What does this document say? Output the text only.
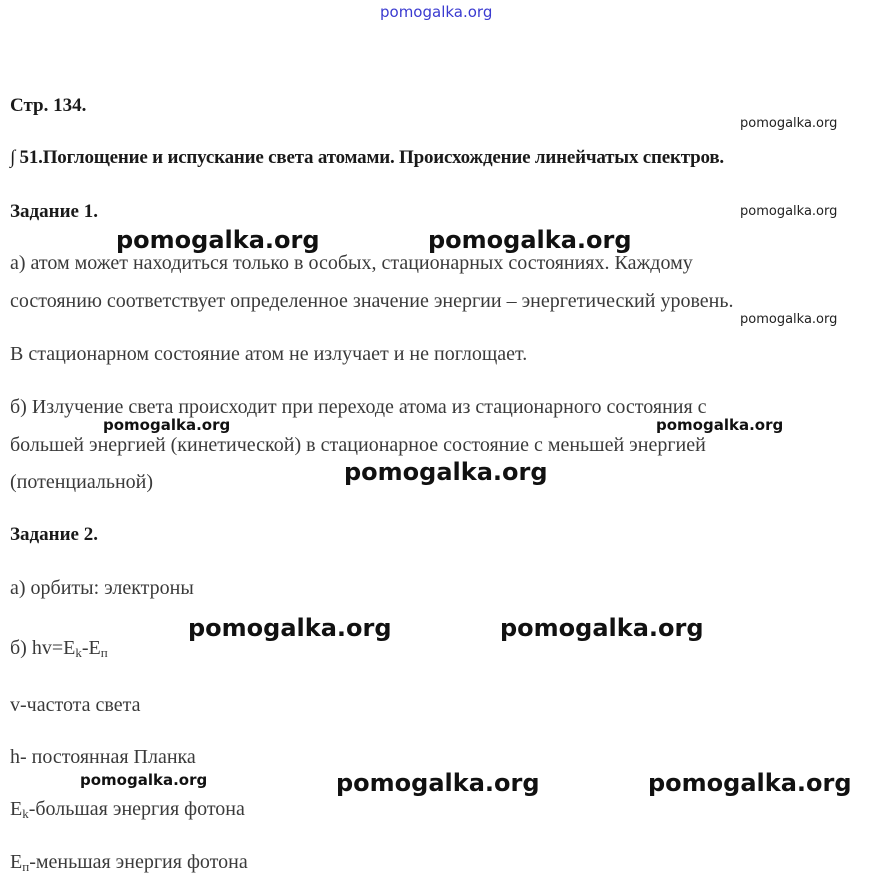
pomogalka.org
Стр. 134.
pomogalka.org
∫ 51.Поглощение и испускание света атомами. Происхождение линейчатых спектров.
Задание 1.	pomogalka.org
pomogalka.org	pomogalka.org
а) атом может находиться только в особых, стационарных состояниях. Каждому
состоянию соответствует определенное значение энергии – энергетический уровень.
pomogalka.org
В стационарном состояние атом не излучает и не поглощает.
б) Излучение света происходит при переходе атома из стационарного состояния с
pomogalka.org	pomogalka.org
большей энергией (кинетической) в стационарное состояние с меньшей энергией
pomogalka.org
(потенциальной)
Задание 2.
а) орбиты: электроны
pomogalka.org	pomogalka.org
б) $hv=E_k-E_п$
v-частота света
h- постоянная Планка
pomogalka.org	pomogalka.org	pomogalka.org
$E_k$-большая энергия фотона
$E_п$-меньшая энергия фотона
